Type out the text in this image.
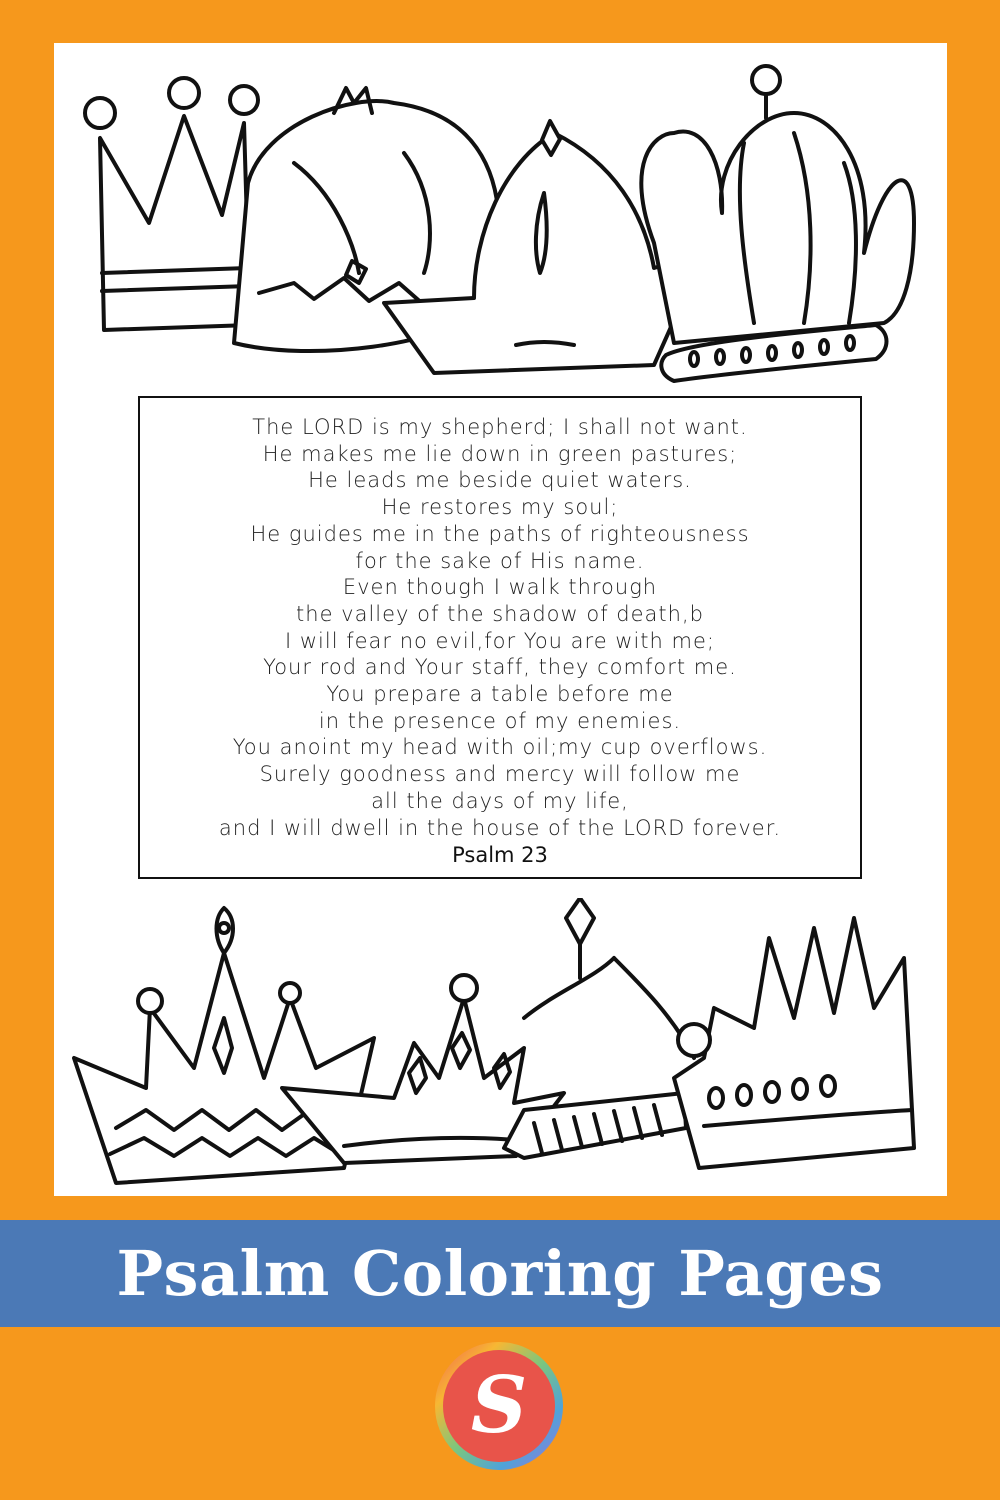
The LORD is my shepherd; I shall not want.
He makes me lie down in green pastures;
He leads me beside quiet waters.
He restores my soul;
He guides me in the paths of righteousness
for the sake of His name.
Even though I walk through
the valley of the shadow of death,b
I will fear no evil,for You are with me;
Your rod and Your staff, they comfort me.
You prepare a table before me
in the presence of my enemies.
You anoint my head with oil;my cup overflows.
Surely goodness and mercy will follow me
all the days of my life,
and I will dwell in the house of the LORD forever.
Psalm 23
Psalm Coloring Pages
S
